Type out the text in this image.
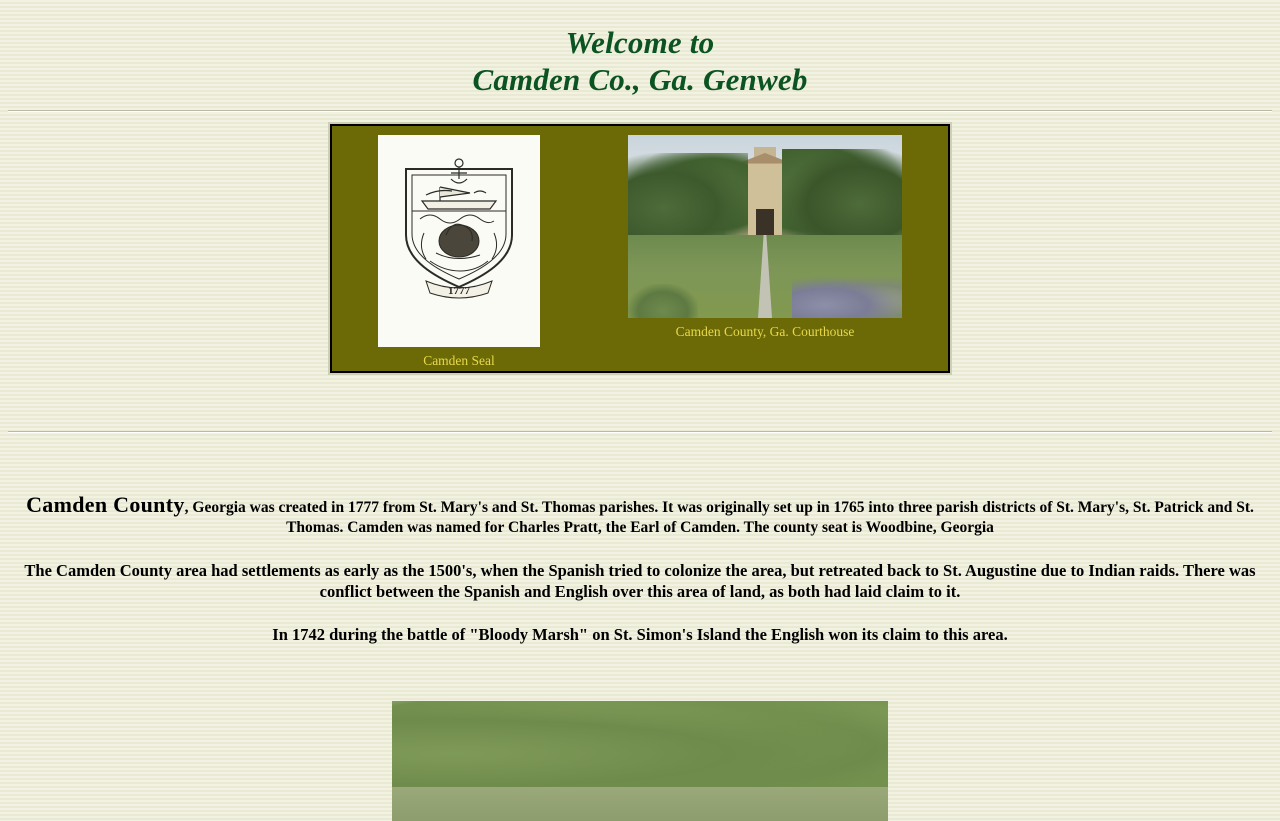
Welcome to
Camden Co., Ga. Genweb
1777
Camden Seal
Camden County, Ga. Courthouse

Camden County, Georgia was created in 1777 from St. Mary's and St. Thomas parishes. It was originally set up in 1765 into three parish districts of St. Mary's, St. Patrick and St. Thomas. Camden was named for Charles Pratt, the Earl of Camden. The county seat is Woodbine, Georgia

The Camden County area had settlements as early as the 1500's, when the Spanish tried to colonize the area, but retreated back to St. Augustine due to Indian raids. There was conflict between the Spanish and English over this area of land, as both had laid claim to it.

In 1742 during the battle of "Bloody Marsh" on St. Simon's Island the English won its claim to this area.
